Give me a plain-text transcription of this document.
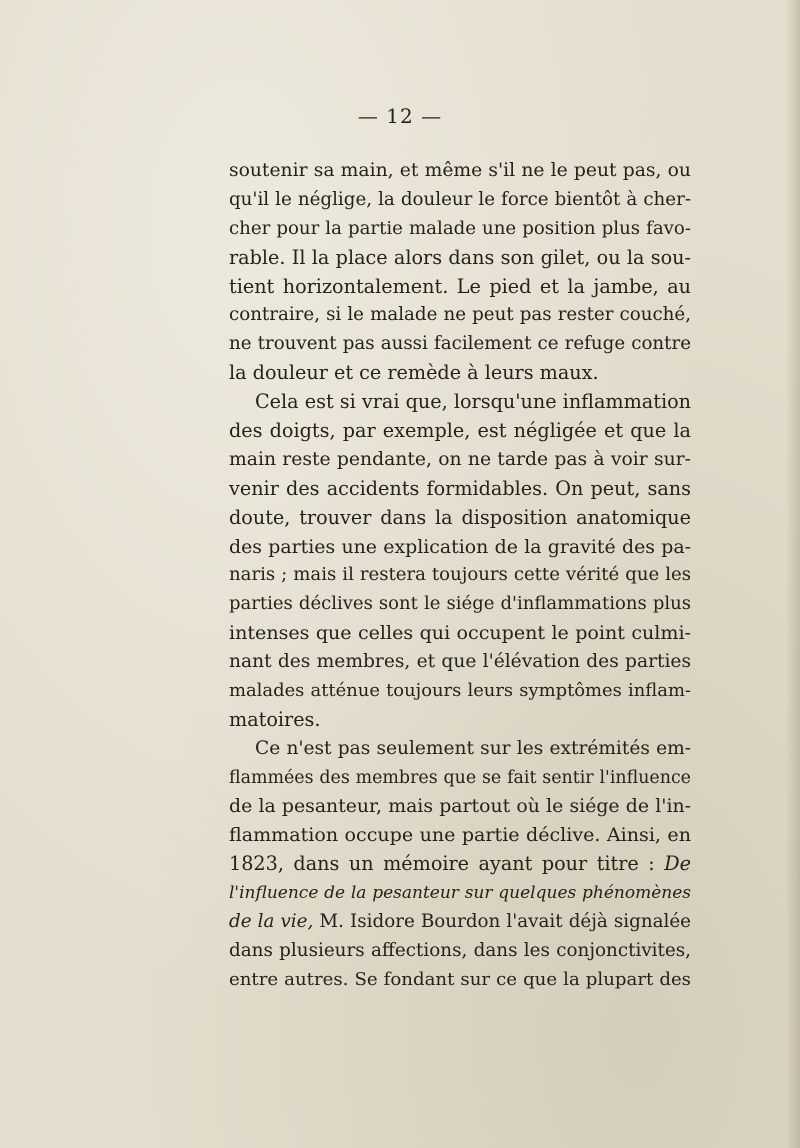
— 12 —
soutenir sa main, et même s'il ne le peut pas, ou
qu'il le néglige, la douleur le force bientôt à cher-
cher pour la partie malade une position plus favo-
rable. Il la place alors dans son gilet, ou la sou-
tient horizontalement. Le pied et la jambe, au
contraire, si le malade ne peut pas rester couché,
ne trouvent pas aussi facilement ce refuge contre
la douleur et ce remède à leurs maux.
Cela est si vrai que, lorsqu'une inflammation
des doigts, par exemple, est négligée et que la
main reste pendante, on ne tarde pas à voir sur-
venir des accidents formidables. On peut, sans
doute, trouver dans la disposition anatomique
des parties une explication de la gravité des pa-
naris ; mais il restera toujours cette vérité que les
parties déclives sont le siége d'inflammations plus
intenses que celles qui occupent le point culmi-
nant des membres, et que l'élévation des parties
malades atténue toujours leurs symptômes inflam-
matoires.
Ce n'est pas seulement sur les extrémités em-
flammées des membres que se fait sentir l'influence
de la pesanteur, mais partout où le siége de l'in-
flammation occupe une partie déclive. Ainsi, en
1823, dans un mémoire ayant pour titre : De
l'influence de la pesanteur sur quelques phénomènes
de la vie, M. Isidore Bourdon l'avait déjà signalée
dans plusieurs affections, dans les conjonctivites,
entre autres. Se fondant sur ce que la plupart des
